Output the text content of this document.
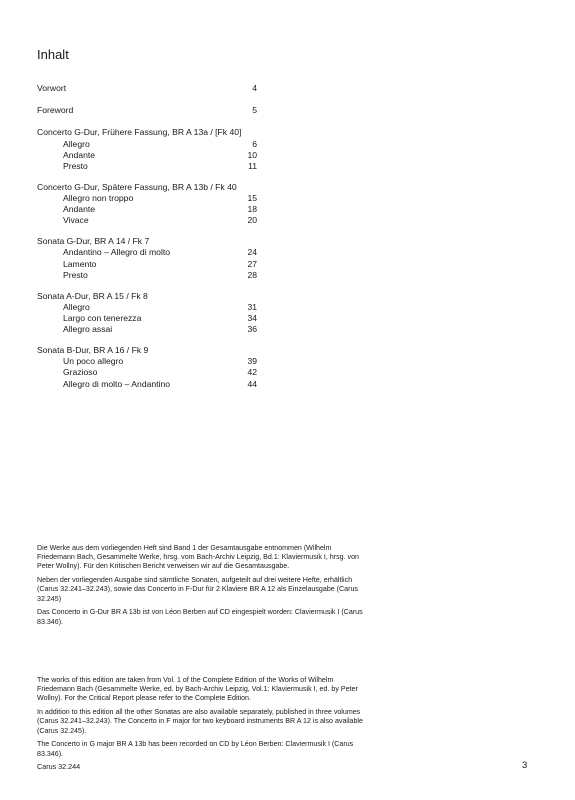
Inhalt
Vorwort	4
Foreword	5
Concerto G-Dur, Frühere Fassung, BR A 13a / [Fk 40]
Allegro	6
Andante	10
Presto	11
Concerto G-Dur, Spätere Fassung, BR A 13b / Fk 40
Allegro non troppo	15
Andante	18
Vivace	20
Sonata G-Dur, BR A 14 / Fk 7
Andantino – Allegro di molto	24
Lamento	27
Presto	28
Sonata A-Dur, BR A 15 / Fk 8
Allegro	31
Largo con tenerezza	34
Allegro assai	36
Sonata B-Dur, BR A 16 / Fk 9
Un poco allegro	39
Grazioso	42
Allegro di molto – Andantino	44

Die Werke aus dem vorliegenden Heft sind Band 1 der Gesamtausgabe entnommen (Wilhelm Friedemann Bach, Gesammelte Werke, hrsg. vom Bach-Archiv Leipzig, Bd.1: Klaviermusik I, hrsg. von Peter Wollny). Für den Kritischen Bericht verweisen wir auf die Gesamtausgabe.

Neben der vorliegenden Ausgabe sind sämtliche Sonaten, aufgeteilt auf drei weitere Hefte, erhältlich (Carus 32.241–32.243), sowie das Concerto in F-Dur für 2 Klaviere BR A 12 als Einzelausgabe (Carus 32.245)

Das Concerto in G-Dur BR A 13b ist von Léon Berben auf CD eingespielt worden: Claviermusik I (Carus 83.346).

The works of this edition are taken from Vol. 1 of the Complete Edition of the Works of Wilhelm Friedemann Bach (Gesammelte Werke, ed. by Bach-Archiv Leipzig, Vol.1: Klaviermusik I, ed. by Peter Wollny). For the Critical Report please refer to the Complete Edition.

In addition to this edition all the other Sonatas are also available separately, published in three volumes (Carus 32.241–32.243). The Concerto in F major for two keyboard instruments BR A 12 is also available (Carus 32.245).

The Concerto in G major BR A 13b has been recorded on CD by Léon Berben: Claviermusik I (Carus 83.346).

Carus 32.244	3
